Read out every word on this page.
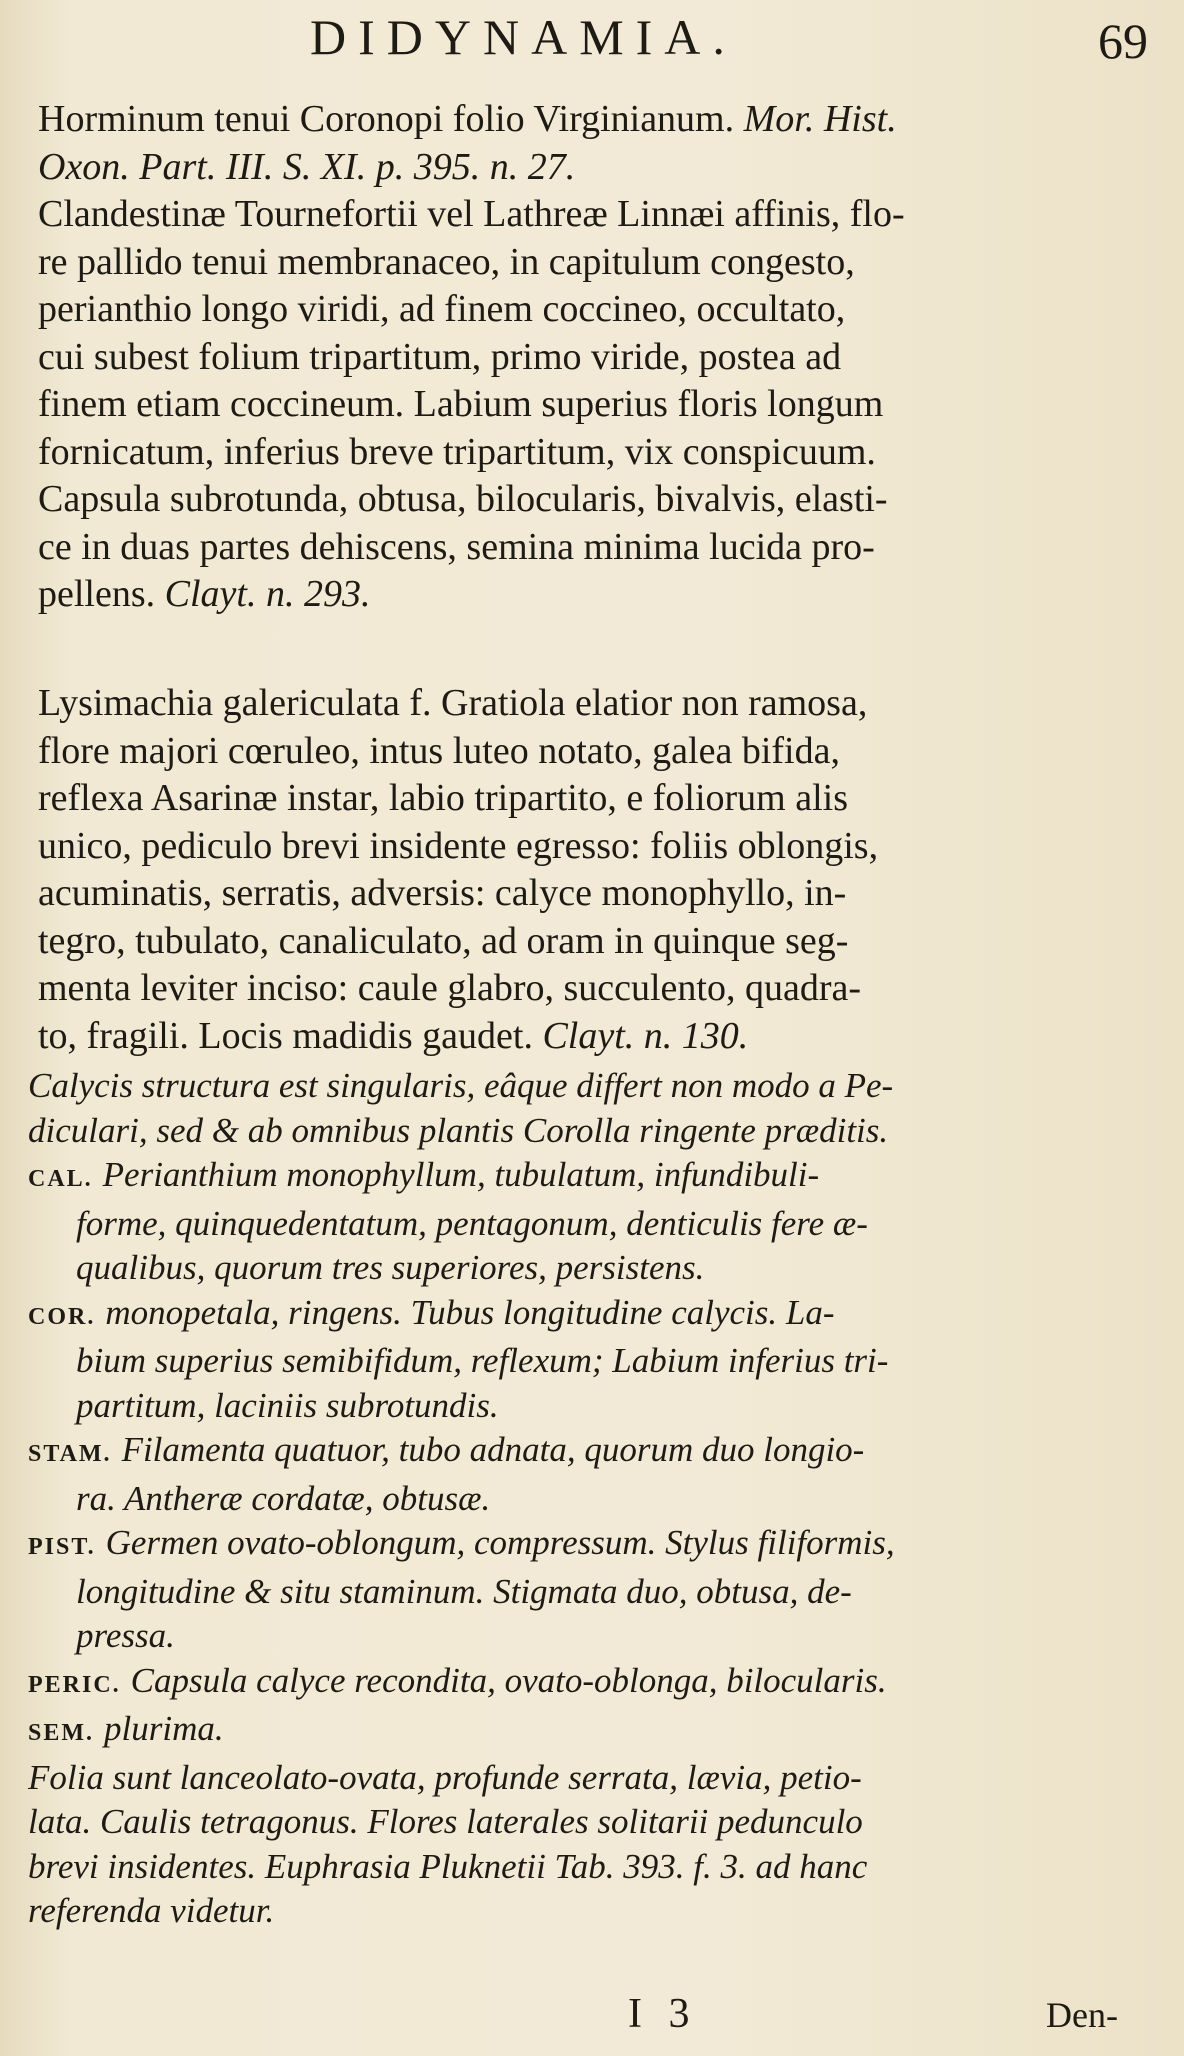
DIDYNAMIA.	69

Horminum tenui Coronopi folio Virginianum. Mor. Hist.

Oxon. Part. III. S. XI. p. 395. n. 27.

Clandestinæ Tournefortii vel Lathreæ Linnæi affinis, flo-

re pallido tenui membranaceo, in capitulum congesto,

perianthio longo viridi, ad finem coccineo, occultato,

cui subest folium tripartitum, primo viride, postea ad

finem etiam coccineum. Labium superius floris longum

fornicatum, inferius breve tripartitum, vix conspicuum.

Capsula subrotunda, obtusa, bilocularis, bivalvis, elasti-

ce in duas partes dehiscens, semina minima lucida pro-

pellens. Clayt. n. 293.

Lysimachia galericulata f. Gratiola elatior non ramosa,

flore majori cœruleo, intus luteo notato, galea bifida,

reflexa Asarinæ instar, labio tripartito, e foliorum alis

unico, pediculo brevi insidente egresso: foliis oblongis,

acuminatis, serratis, adversis: calyce monophyllo, in-

tegro, tubulato, canaliculato, ad oram in quinque seg-

menta leviter inciso: caule glabro, succulento, quadra-

to, fragili. Locis madidis gaudet. Clayt. n. 130.

Calycis structura est singularis, eâque differt non modo a Pe-
diculari, sed & ab omnibus plantis Corolla ringente præditis.
CAL. Perianthium monophyllum, tubulatum, infundibuli-
forme, quinquedentatum, pentagonum, denticulis fere æ-
qualibus, quorum tres superiores, persistens.
COR. monopetala, ringens. Tubus longitudine calycis. La-
bium superius semibifidum, reflexum; Labium inferius tri-
partitum, laciniis subrotundis.
STAM. Filamenta quatuor, tubo adnata, quorum duo longio-
ra. Antheræ cordatæ, obtusæ.
PIST. Germen ovato-oblongum, compressum. Stylus filiformis,
longitudine & situ staminum. Stigmata duo, obtusa, de-
pressa.
PERIC. Capsula calyce recondita, ovato-oblonga, bilocularis.
SEM. plurima.
Folia sunt lanceolato-ovata, profunde serrata, lævia, petio-
lata. Caulis tetragonus. Flores laterales solitarii pedunculo
brevi insidentes. Euphrasia Pluknetii Tab. 393. f. 3. ad hanc
referenda videtur.
I 3	Den-
